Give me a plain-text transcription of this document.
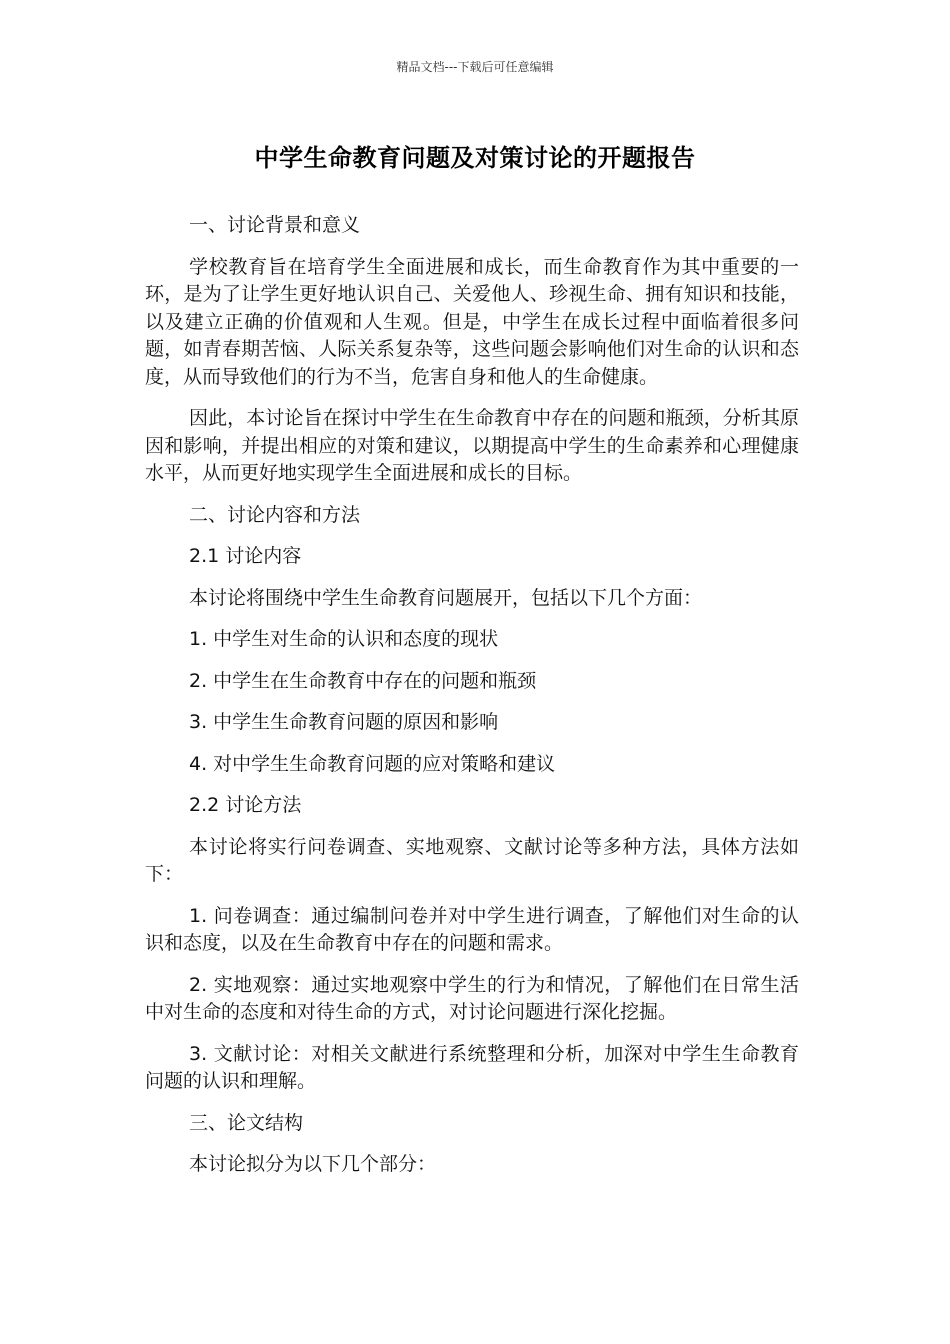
精品文档---下载后可任意编辑
中学生命教育问题及对策讨论的开题报告

一、讨论背景和意义

学校教育旨在培育学生全面进展和成长，而生命教育作为其中重要的一环，是为了让学生更好地认识自己、关爱他人、珍视生命、拥有知识和技能，以及建立正确的价值观和人生观。但是，中学生在成长过程中面临着很多问题，如青春期苦恼、人际关系复杂等，这些问题会影响他们对生命的认识和态度，从而导致他们的行为不当，危害自身和他人的生命健康。

因此，本讨论旨在探讨中学生在生命教育中存在的问题和瓶颈，分析其原因和影响，并提出相应的对策和建议，以期提高中学生的生命素养和心理健康水平，从而更好地实现学生全面进展和成长的目标。

二、讨论内容和方法

2.1 讨论内容

本讨论将围绕中学生生命教育问题展开，包括以下几个方面：

1. 中学生对生命的认识和态度的现状

2. 中学生在生命教育中存在的问题和瓶颈

3. 中学生生命教育问题的原因和影响

4. 对中学生生命教育问题的应对策略和建议

2.2 讨论方法

本讨论将实行问卷调查、实地观察、文献讨论等多种方法，具体方法如下：

1. 问卷调查：通过编制问卷并对中学生进行调查，了解他们对生命的认识和态度，以及在生命教育中存在的问题和需求。

2. 实地观察：通过实地观察中学生的行为和情况，了解他们在日常生活中对生命的态度和对待生命的方式，对讨论问题进行深化挖掘。

3. 文献讨论：对相关文献进行系统整理和分析，加深对中学生生命教育问题的认识和理解。

三、论文结构

本讨论拟分为以下几个部分：
